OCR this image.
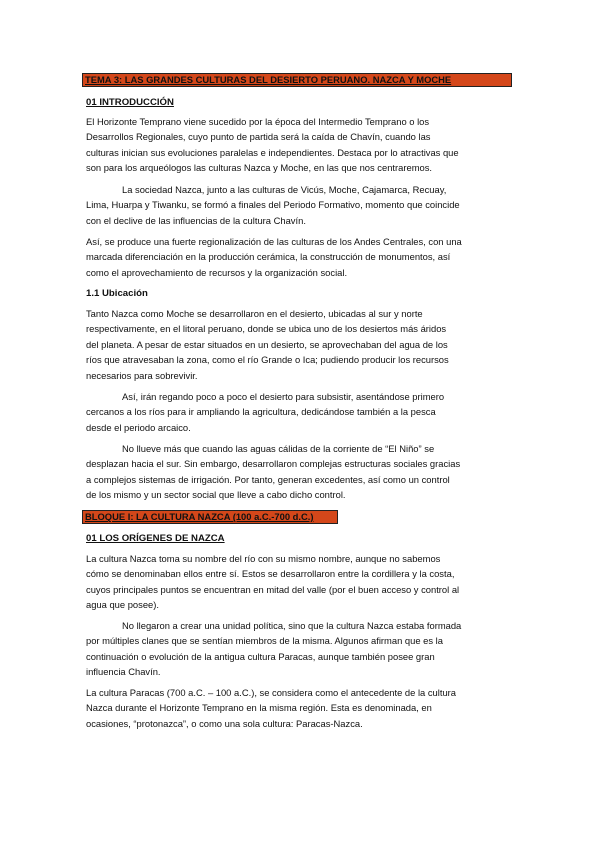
TEMA 3: LAS GRANDES CULTURAS DEL DESIERTO PERUANO. NAZCA Y MOCHE
01 INTRODUCCIÓN
El Horizonte Temprano viene sucedido por la época del Intermedio Temprano o los
Desarrollos Regionales, cuyo punto de partida será la caída de Chavín, cuando las
culturas inician sus evoluciones paralelas e independientes. Destaca por lo atractivas que
son para los arqueólogos las culturas Nazca y Moche, en las que nos centraremos.
La sociedad Nazca, junto a las culturas de Vicús, Moche, Cajamarca, Recuay,
Lima, Huarpa y Tiwanku, se formó a finales del Periodo Formativo, momento que coincide
con el declive de las influencias de la cultura Chavín.
Así, se produce una fuerte regionalización de las culturas de los Andes Centrales, con una
marcada diferenciación en la producción cerámica, la construcción de monumentos, así
como el aprovechamiento de recursos y la organización social.
1.1 Ubicación
Tanto Nazca como Moche se desarrollaron en el desierto, ubicadas al sur y norte
respectivamente, en el litoral peruano, donde se ubica uno de los desiertos más áridos
del planeta. A pesar de estar situados en un desierto, se aprovechaban del agua de los
ríos que atravesaban la zona, como el río Grande o Ica; pudiendo producir los recursos
necesarios para sobrevivir.
Así, irán regando poco a poco el desierto para subsistir, asentándose primero
cercanos a los ríos para ir ampliando la agricultura, dedicándose también a la pesca
desde el periodo arcaico.
No llueve más que cuando las aguas cálidas de la corriente de “El Niño” se
desplazan hacia el sur. Sin embargo, desarrollaron complejas estructuras sociales gracias
a complejos sistemas de irrigación. Por tanto, generan excedentes, así como un control
de los mismo y un sector social que lleve a cabo dicho control.
BLOQUE I: LA CULTURA NAZCA (100 a.C.-700 d.C.)
01 LOS ORÍGENES DE NAZCA
La cultura Nazca toma su nombre del río con su mismo nombre, aunque no sabemos
cómo se denominaban ellos entre sí. Estos se desarrollaron entre la cordillera y la costa,
cuyos principales puntos se encuentran en mitad del valle (por el buen acceso y control al
agua que posee).
No llegaron a crear una unidad política, sino que la cultura Nazca estaba formada
por múltiples clanes que se sentían miembros de la misma. Algunos afirman que es la
continuación o evolución de la antigua cultura Paracas, aunque también posee gran
influencia Chavín.
La cultura Paracas (700 a.C. – 100 a.C.), se considera como el antecedente de la cultura
Nazca durante el Horizonte Temprano en la misma región. Esta es denominada, en
ocasiones, “protonazca”, o como una sola cultura: Paracas-Nazca.
